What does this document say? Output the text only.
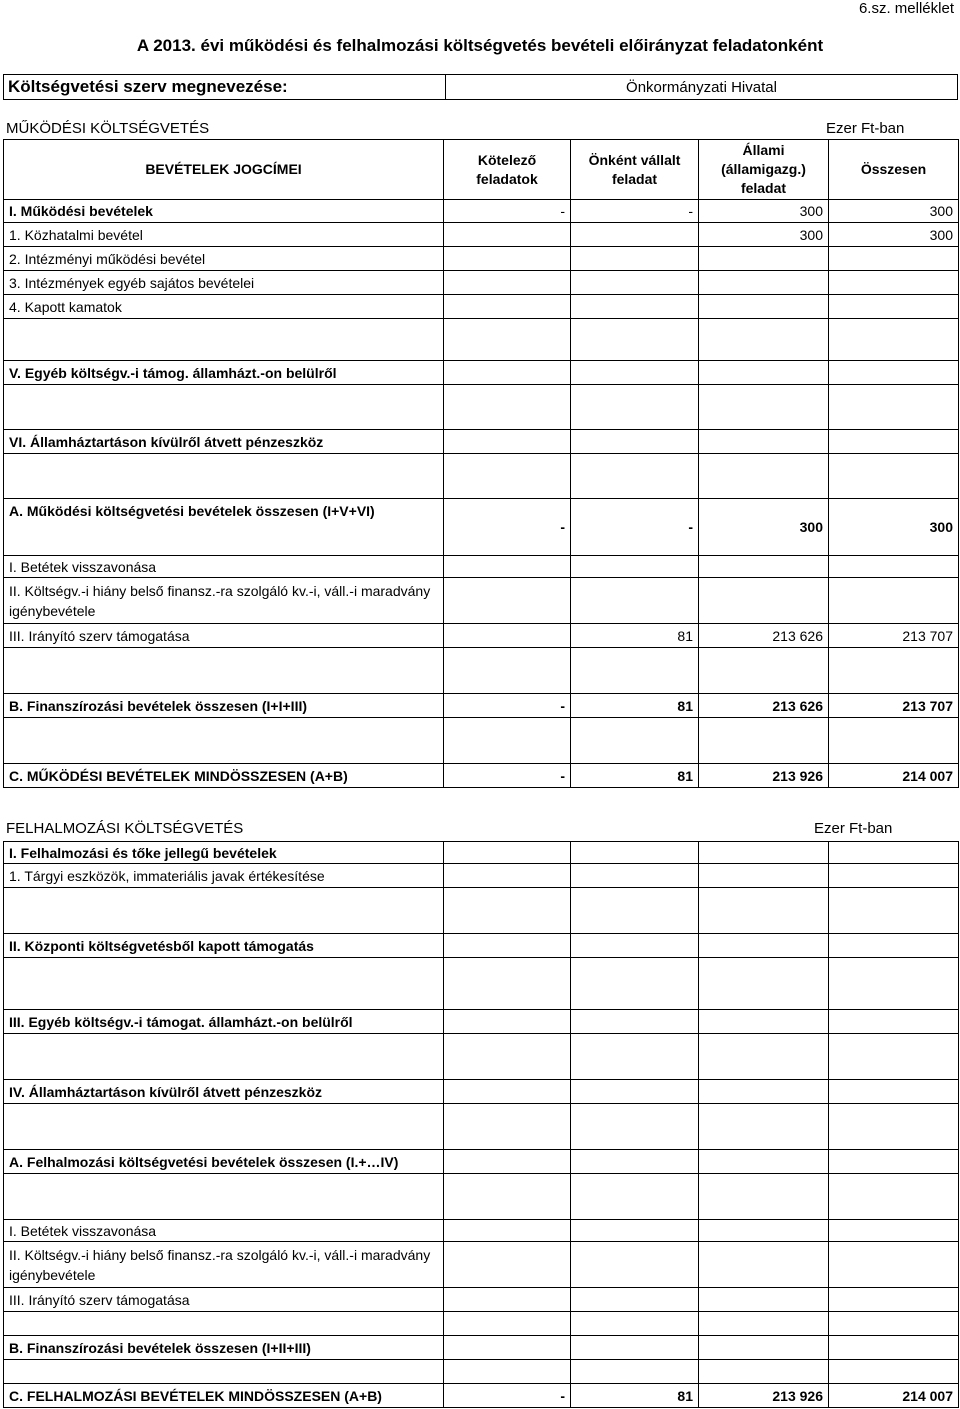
6.sz. melléklet
A 2013. évi működési és felhalmozási költségvetés bevételi előirányzat feladatonként
Költségvetési szerv megnevezése:	Önkormányzati Hivatal
MŰKÖDÉSI KÖLTSÉGVETÉS	Ezer Ft-ban
BEVÉTELEK JOGCÍMEI	Kötelező feladatok	Önként vállalt feladat	Állami (államigazg.) feladat	Összesen
I. Működési bevételek	-	-	300	300
1. Közhatalmi bevétel			300	300
2. Intézményi működési bevétel				
3. Intézmények egyéb sajátos bevételei				
4. Kapott kamatok				

V. Egyéb költségv.-i támog. államházt.-on belülről				

VI. Államháztartáson kívülről átvett pénzeszköz				

A. Működési költségvetési bevételek összesen (I+V+VI)	-	-	300	300
I. Betétek visszavonása				
II. Költségv.-i hiány belső finansz.-ra szolgáló kv.-i, váll.-i maradvány igénybevétele				
III. Irányító szerv támogatása		81	213 626	213 707

B. Finanszírozási bevételek összesen (I+I+III)	-	81	213 626	213 707

C. MŰKÖDÉSI BEVÉTELEK MINDÖSSZESEN (A+B)	-	81	213 926	214 007
FELHALMOZÁSI KÖLTSÉGVETÉS	Ezer Ft-ban
I. Felhalmozási és tőke jellegű bevételek				
1. Tárgyi eszközök, immateriális javak értékesítése				

II. Központi költségvetésből kapott támogatás				

III. Egyéb költségv.-i támogat. államházt.-on belülről				

IV. Államháztartáson kívülről átvett pénzeszköz				

A. Felhalmozási költségvetési bevételek összesen (I.+…IV)				

I. Betétek visszavonása				
II. Költségv.-i hiány belső finansz.-ra szolgáló kv.-i, váll.-i maradvány igénybevétele				
III. Irányító szerv támogatása				

B. Finanszírozási bevételek összesen (I+II+III)				

C. FELHALMOZÁSI BEVÉTELEK MINDÖSSZESEN (A+B)	-	81	213 926	214 007
